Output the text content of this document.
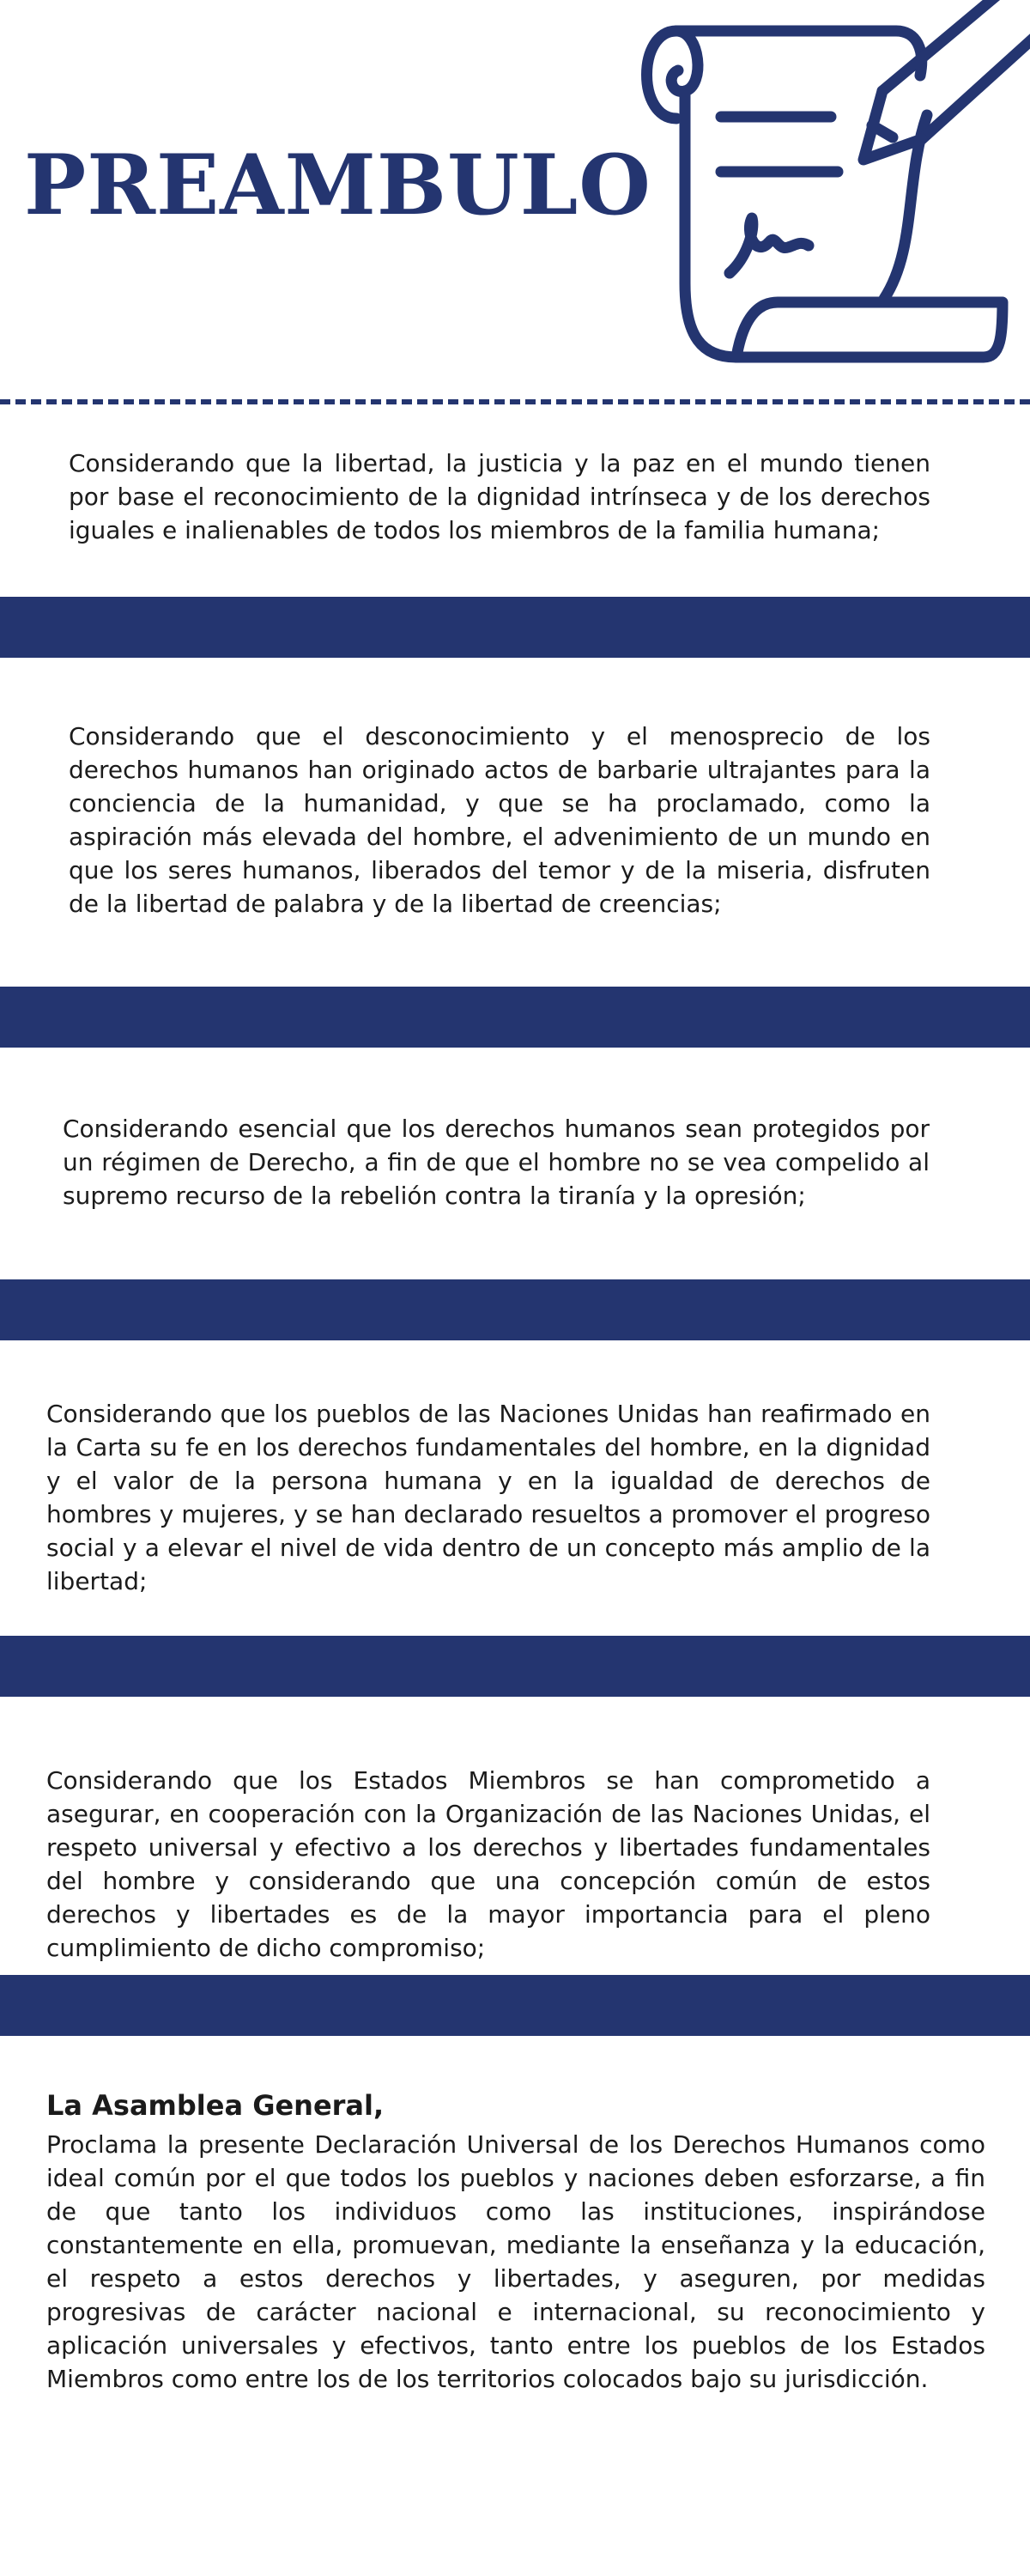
PREAMBULO

Considerando que la libertad, la justicia y la paz en el mundo tienen por base el reconocimiento de la dignidad intrínseca y de los derechos iguales e inalienables de todos los miembros de la familia humana;

Considerando que el desconocimiento y el menosprecio de los derechos humanos han originado actos de barbarie ultrajantes para la conciencia de la humanidad, y que se ha proclamado, como la aspiración más elevada del hombre, el advenimiento de un mundo en que los seres humanos, liberados del temor y de la miseria, disfruten de la libertad de palabra y de la libertad de creencias;

Considerando esencial que los derechos humanos sean protegidos por un régimen de Derecho, a fin de que el hombre no se vea compelido al supremo recurso de la rebelión contra la tiranía y la opresión;

Considerando que los pueblos de las Naciones Unidas han reafirmado en la Carta su fe en los derechos fundamentales del hombre, en la dignidad y el valor de la persona humana y en la igualdad de derechos de hombres y mujeres, y se han declarado resueltos a promover el progreso social y a elevar el nivel de vida dentro de un concepto más amplio de la libertad;

Considerando que los Estados Miembros se han comprometido a asegurar, en cooperación con la Organización de las Naciones Unidas, el respeto universal y efectivo a los derechos y libertades fundamentales del hombre y considerando que una concepción común de estos derechos y libertades es de la mayor importancia para el pleno cumplimiento de dicho compromiso;

La Asamblea General,

Proclama la presente Declaración Universal de los Derechos Humanos como ideal común por el que todos los pueblos y naciones deben esforzarse, a fin de que tanto los individuos como las instituciones, inspirándose constantemente en ella, promuevan, mediante la enseñanza y la educación, el respeto a estos derechos y libertades, y aseguren, por medidas progresivas de carácter nacional e internacional, su reconocimiento y aplicación universales y efectivos, tanto entre los pueblos de los Estados Miembros como entre los de los territorios colocados bajo su jurisdicción.
